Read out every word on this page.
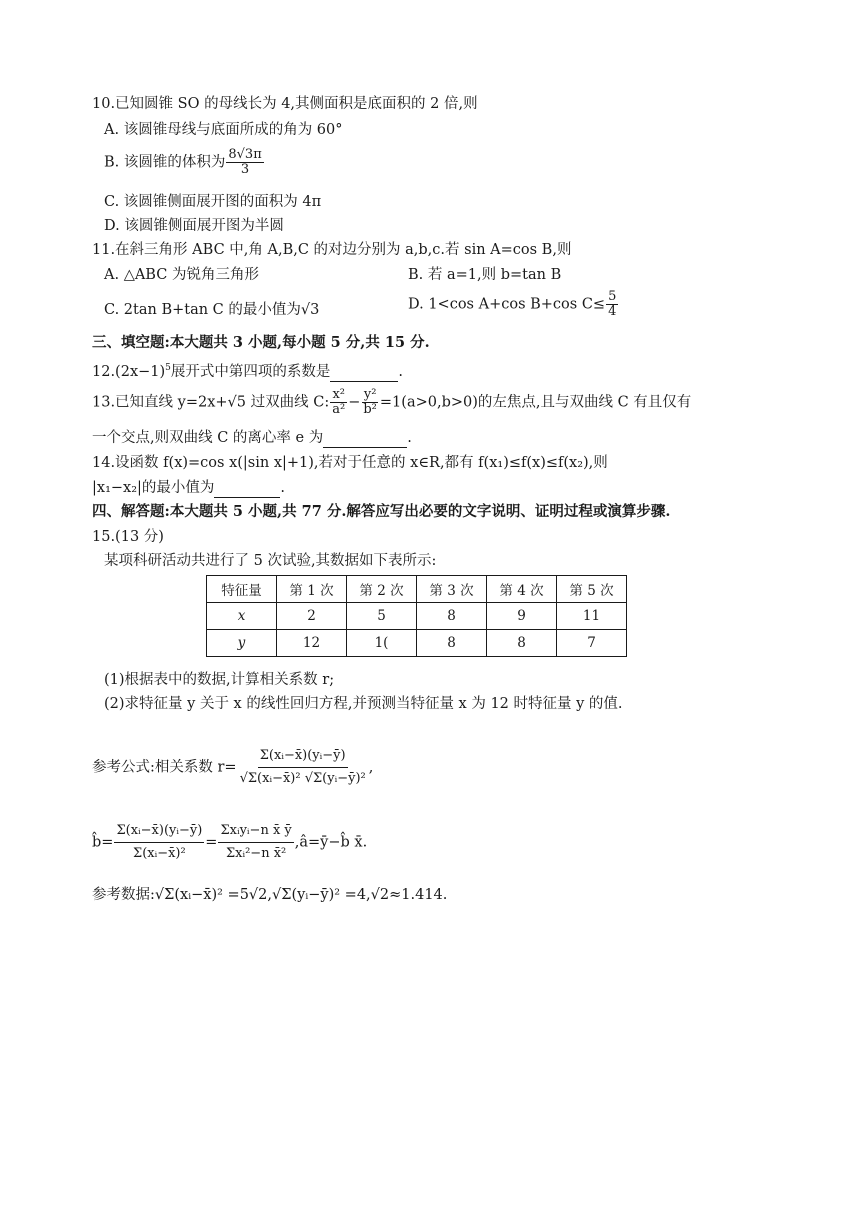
10.已知圆锥 SO 的母线长为 4,其侧面积是底面积的 2 倍,则
A. 该圆锥母线与底面所成的角为 60°
B. 该圆锥的体积为 $\frac{8√3\pi}{3}$
C. 该圆锥侧面展开图的面积为 4π
D. 该圆锥侧面展开图为半圆
11.在斜三角形 ABC 中,角 A,B,C 的对边分别为 a,b,c.若 sin A=cos B,则
A. △ABC 为锐角三角形	B. 若 a=1,则 b=tan B
C. 2tan B+tan C 的最小值为√3	D. 1<cos A+cos B+cos $C\le \frac{5}{4}$
三、填空题:本大题共 3 小题,每小题 5 分,共 15 分.
$12.(2x-1)^5$展开式中第四项的系数是	.
13.已知直线 y=2x+√5 过双曲线 C: $\frac{\text{x²}}{\text{a²}} - \frac{\text{y²}}{\text{b²}} =1(a>0,b>0)$的左焦点,且与双曲线 C 有且仅有
一个交点,则双曲线 C 的离心率 e 为	.
14.设函数 f(x)=cos x(|sin x|+1),若对于任意的 x∈R,都有 f(x₁)≤f(x)≤f(x₂),则
|x₁−x₂|的最小值为	.
四、解答题:本大题共 5 小题,共 77 分.解答应写出必要的文字说明、证明过程或演算步骤.
15.(13 分)
某项科研活动共进行了 5 次试验,其数据如下表所示:
特征量	第 1 次	第 2 次	第 3 次	第 4 次	第 5 次
x	2	5	8	9	11
y	12	1(	8	8	7
(1)根据表中的数据,计算相关系数 r;
(2)求特征量 y 关于 x 的线性回归方程,并预测当特征量 x 为 12 时特征量 y 的值.
参考公式:相关系数 $r= \frac{\text{Σ(xᵢ−x̄)(yᵢ−ȳ)}}{\text{√Σ(xᵢ−x̄)² √Σ(yᵢ−ȳ)²}}$ ,
b̂= $\frac{\text{Σ(xᵢ−x̄)(yᵢ−ȳ)}}{\text{Σ(xᵢ−x̄)²}} = \frac{\text{Σxᵢyᵢ−n x̄ ȳ}}{\text{Σxᵢ²−n x̄²}}$ ,â=ȳ−b̂ x̄.
参考数据:√Σ(xᵢ−x̄)² =5√2,√Σ(yᵢ−ȳ)² =4,√2≈1.414.
